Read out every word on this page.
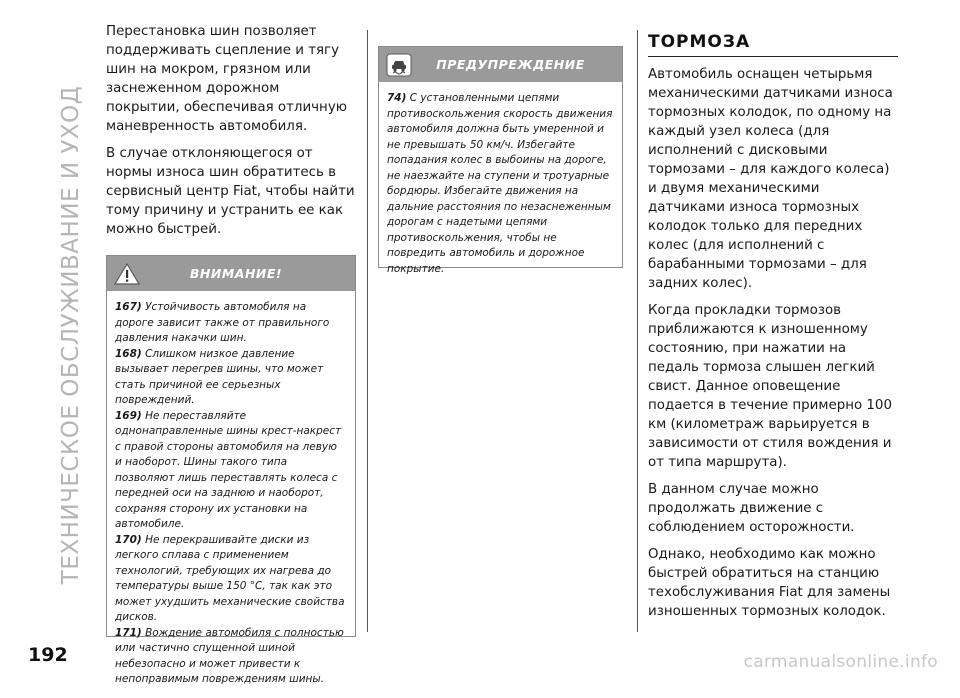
ТЕХНИЧЕСКОЕ ОБСЛУЖИВАНИЕ И УХОД

Перестановка шин позволяет поддерживать сцепление и тягу шин на мокром, грязном или заснеженном дорожном покрытии, обеспечивая отличную маневренность автомобиля.

В случае отклоняющегося от нормы износа шин обратитесь в сервисный центр Fiat, чтобы найти тому причину и устранить ее как можно быстрей.

ВНИМАНИЕ!

167) Устойчивость автомобиля на дороге зависит также от правильного давления накачки шин.

168) Слишком низкое давление вызывает перегрев шины, что может стать причиной ее серьезных повреждений.

169) Не переставляйте однонаправленные шины крест-накрест с правой стороны автомобиля на левую и наоборот. Шины такого типа позволяют лишь переставлять колеса с передней оси на заднюю и наоборот, сохраняя сторону их установки на автомобиле.

170) Не перекрашивайте диски из легкого сплава с применением технологий, требующих их нагрева до температуры выше 150 °С, так как это может ухудшить механические свойства дисков.

171) Вождение автомобиля с полностью или частично спущенной шиной небезопасно и может привести к непоправимым повреждениям шины.

ПРЕДУПРЕЖДЕНИЕ

74) С установленными цепями противоскольжения скорость движения автомобиля должна быть умеренной и не превышать 50 км/ч. Избегайте попадания колес в выбоины на дороге, не наезжайте на ступени и тротуарные бордюры. Избегайте движения на дальние расстояния по незаснеженным дорогам с надетыми цепями противоскольжения, чтобы не повредить автомобиль и дорожное покрытие.

ТОРМОЗА

Автомобиль оснащен четырьмя механическими датчиками износа тормозных колодок, по одному на каждый узел колеса (для исполнений с дисковыми тормозами – для каждого колеса) и двумя механическими датчиками износа тормозных колодок только для передних колес (для исполнений с барабанными тормозами – для задних колес).

Когда прокладки тормозов приближаются к изношенному состоянию, при нажатии на педаль тормоза слышен легкий свист. Данное оповещение подается в течение примерно 100 км (километраж варьируется в зависимости от стиля вождения и от типа маршрута).

В данном случае можно продолжать движение с соблюдением осторожности.

Однако, необходимо как можно быстрей обратиться на станцию техобслуживания Fiat для замены изношенных тормозных колодок.

192	carmanualsonline.info
